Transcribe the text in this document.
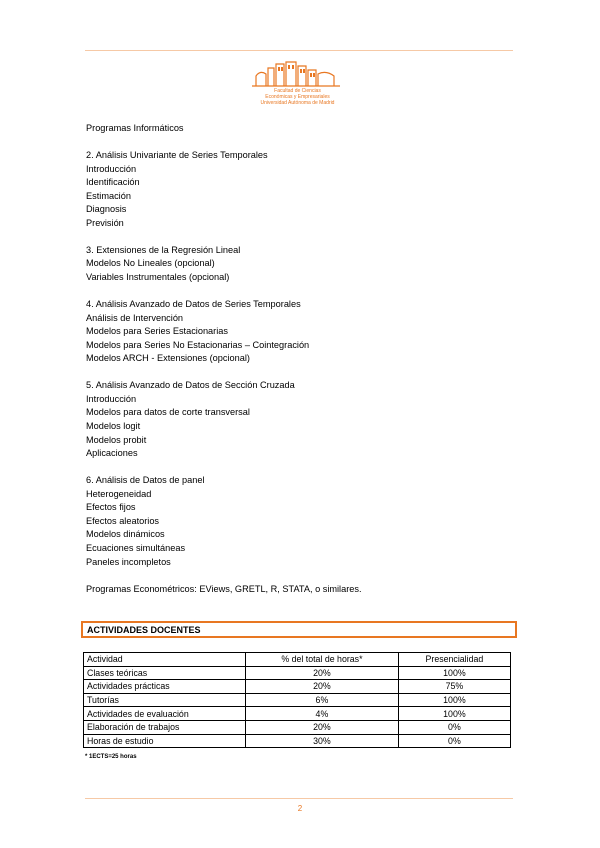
Facultad de Ciencias
Económicas y Empresariales
Universidad Autónoma de Madrid
Programas Informáticos
2. Análisis Univariante de Series Temporales
Introducción
Identificación
Estimación
Diagnosis
Previsión
3. Extensiones de la Regresión Lineal
Modelos No Lineales (opcional)
Variables Instrumentales (opcional)
4. Análisis Avanzado de Datos de Series Temporales
Análisis de Intervención
Modelos para Series Estacionarias
Modelos para Series No Estacionarias – Cointegración
Modelos ARCH - Extensiones (opcional)
5. Análisis Avanzado de Datos de Sección Cruzada
Introducción
Modelos para datos de corte transversal
Modelos logit
Modelos probit
Aplicaciones
6. Análisis de Datos de panel
Heterogeneidad
Efectos fijos
Efectos aleatorios
Modelos dinámicos
Ecuaciones simultáneas
Paneles incompletos
Programas Econométricos: EViews, GRETL, R, STATA, o similares.
ACTIVIDADES DOCENTES
Actividad	% del total de horas*	Presencialidad
Clases teóricas	20%	100%
Actividades prácticas	20%	75%
Tutorías	6%	100%
Actividades de evaluación	4%	100%
Elaboración de trabajos	20%	0%
Horas de estudio	30%	0%
* 1ECTS=25 horas
2
